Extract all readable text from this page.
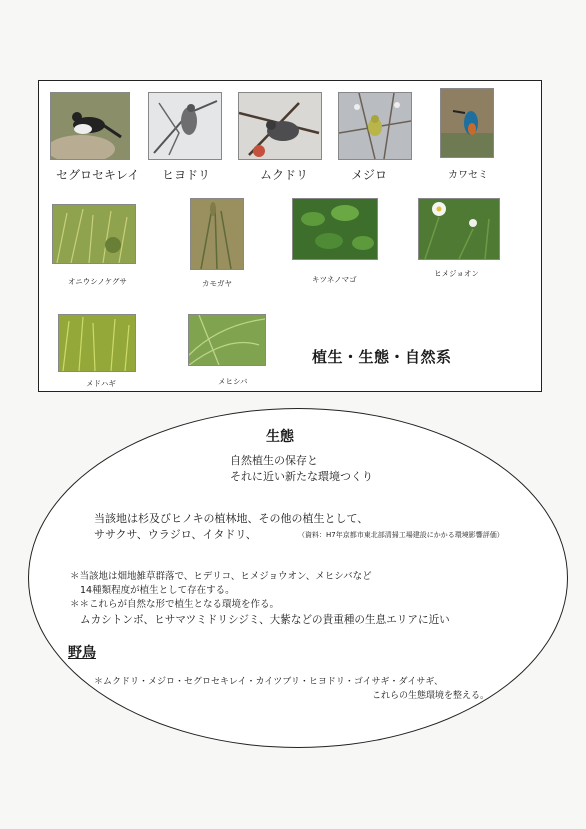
セグロセキレイ ヒヨドリ	ムクドリ	メジロ	カワセミ
オニウシノケグサ	カモガヤ	キツネノマゴ
ヒメジョオン
メドハギ	メヒシバ
植生・生態・自然系
生態
自然植生の保存と
それに近い新たな環境つくり
当該地は杉及びヒノキの植林地、その他の植生として、
ササクサ、ウラジロ、イタドリ、	（資料：H7年京都市東北部清掃工場建設にかかる環境影響評価）
＊当該地は畑地雑草群落で、ヒデリコ、ヒメジョウオン、メヒシバなど
14種類程度が植生として存在する。
＊＊これらが自然な形で植生となる環境を作る。
ムカシトンボ、ヒサマツミドリシジミ、大紫などの貴重種の生息エリアに近い
野鳥
＊ムクドリ・メジロ・セグロセキレイ・カイツブリ・ヒヨドリ・ゴイサギ・ダイサギ、
これらの生態環境を整える。
